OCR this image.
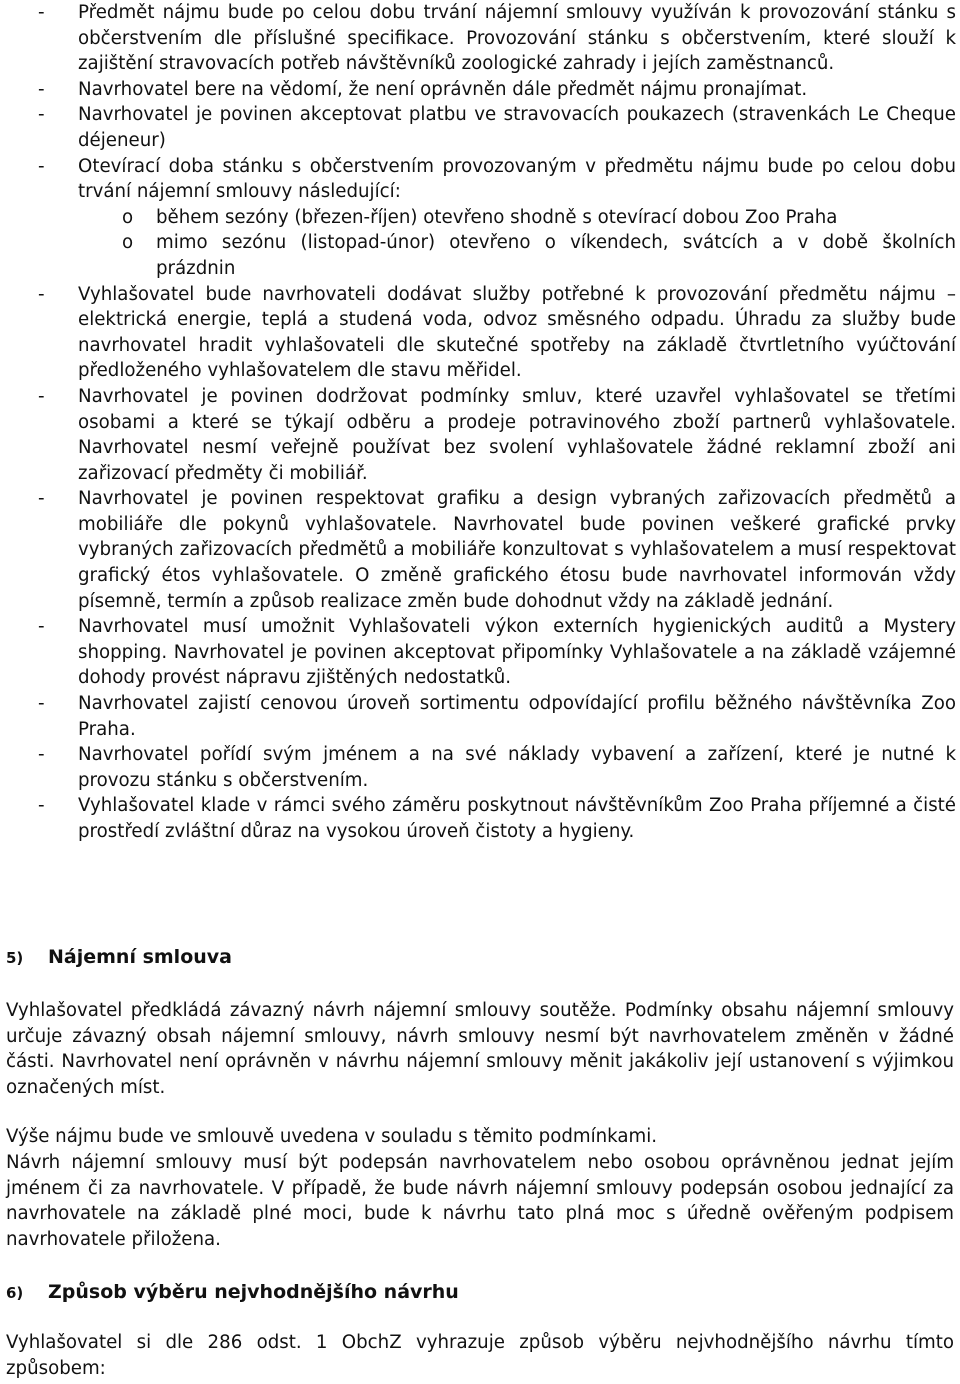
- Předmět nájmu bude po celou dobu trvání nájemní smlouvy využíván k provozování stánku s občerstvením dle příslušné specifikace. Provozování stánku s občerstvením, které slouží k zajištění stravovacích potřeb návštěvníků zoologické zahrady i jejích zaměstnanců.
- Navrhovatel bere na vědomí, že není oprávněn dále předmět nájmu pronajímat.
- Navrhovatel je povinen akceptovat platbu ve stravovacích poukazech (stravenkách Le Cheque déjeneur)
- Otevírací doba stánku s občerstvením provozovaným v předmětu nájmu bude po celou dobu trvání nájemní smlouvy následující:
o během sezóny (březen-říjen) otevřeno shodně s otevírací dobou Zoo Praha
o mimo sezónu (listopad-únor) otevřeno o víkendech, svátcích a v době školních prázdnin
- Vyhlašovatel bude navrhovateli dodávat služby potřebné k provozování předmětu nájmu – elektrická energie, teplá a studená voda, odvoz směsného odpadu. Úhradu za služby bude navrhovatel hradit vyhlašovateli dle skutečné spotřeby na základě čtvrtletního vyúčtování předloženého vyhlašovatelem dle stavu měřidel.
- Navrhovatel je povinen dodržovat podmínky smluv, které uzavřel vyhlašovatel se třetími osobami a které se týkají odběru a prodeje potravinového zboží partnerů vyhlašovatele. Navrhovatel nesmí veřejně používat bez svolení vyhlašovatele žádné reklamní zboží ani zařizovací předměty či mobiliář.
- Navrhovatel je povinen respektovat grafiku a design vybraných zařizovacích předmětů a mobiliáře dle pokynů vyhlašovatele. Navrhovatel bude povinen veškeré grafické prvky vybraných zařizovacích předmětů a mobiliáře konzultovat s vyhlašovatelem a musí respektovat grafický étos vyhlašovatele. O změně grafického étosu bude navrhovatel informován vždy písemně, termín a způsob realizace změn bude dohodnut vždy na základě jednání.
- Navrhovatel musí umožnit Vyhlašovateli výkon externích hygienických auditů a Mystery shopping. Navrhovatel je povinen akceptovat připomínky Vyhlašovatele a na základě vzájemné dohody provést nápravu zjištěných nedostatků.
- Navrhovatel zajistí cenovou úroveň sortimentu odpovídající profilu běžného návštěvníka Zoo Praha.
- Navrhovatel pořídí svým jménem a na své náklady vybavení a zařízení, které je nutné k provozu stánku s občerstvením.
- Vyhlašovatel klade v rámci svého záměru poskytnout návštěvníkům Zoo Praha příjemné a čisté prostředí zvláštní důraz na vysokou úroveň čistoty a hygieny.
5) Nájemní smlouva

Vyhlašovatel předkládá závazný návrh nájemní smlouvy soutěže. Podmínky obsahu nájemní smlouvy určuje závazný obsah nájemní smlouvy, návrh smlouvy nesmí být navrhovatelem změněn v žádné části. Navrhovatel není oprávněn v návrhu nájemní smlouvy měnit jakákoliv její ustanovení s výjimkou označených míst.

Výše nájmu bude ve smlouvě uvedena v souladu s těmito podmínkami.

Návrh nájemní smlouvy musí být podepsán navrhovatelem nebo osobou oprávněnou jednat jejím jménem či za navrhovatele. V případě, že bude návrh nájemní smlouvy podepsán osobou jednající za navrhovatele na základě plné moci, bude k návrhu tato plná moc s úředně ověřeným podpisem navrhovatele přiložena.

6) Způsob výběru nejvhodnějšího návrhu

Vyhlašovatel si dle 286 odst. 1 ObchZ vyhrazuje způsob výběru nejvhodnějšího návrhu tímto způsobem:
